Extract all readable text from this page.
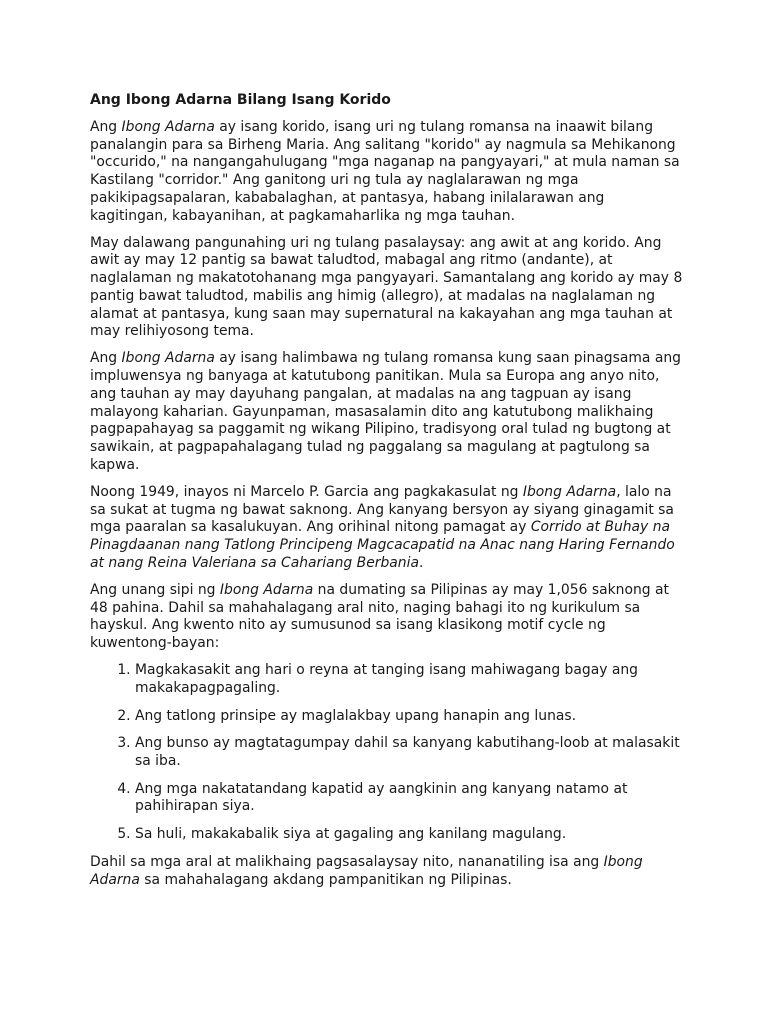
Ang Ibong Adarna Bilang Isang Korido

Ang Ibong Adarna ay isang korido, isang uri ng tulang romansa na inaawit bilang panalangin para sa Birheng Maria. Ang salitang "korido" ay nagmula sa Mehikanong "occurido," na nangangahulugang "mga naganap na pangyayari," at mula naman sa Kastilang "corridor." Ang ganitong uri ng tula ay naglalarawan ng mga pakikipagsapalaran, kababalaghan, at pantasya, habang inilalarawan ang kagitingan, kabayanihan, at pagkamaharlika ng mga tauhan.

May dalawang pangunahing uri ng tulang pasalaysay: ang awit at ang korido. Ang awit ay may 12 pantig sa bawat taludtod, mabagal ang ritmo (andante), at naglalaman ng makatotohanang mga pangyayari. Samantalang ang korido ay may 8 pantig bawat taludtod, mabilis ang himig (allegro), at madalas na naglalaman ng alamat at pantasya, kung saan may supernatural na kakayahan ang mga tauhan at may relihiyosong tema.

Ang Ibong Adarna ay isang halimbawa ng tulang romansa kung saan pinagsama ang impluwensya ng banyaga at katutubong panitikan. Mula sa Europa ang anyo nito, ang tauhan ay may dayuhang pangalan, at madalas na ang tagpuan ay isang malayong kaharian. Gayunpaman, masasalamin dito ang katutubong malikhaing pagpapahayag sa paggamit ng wikang Pilipino, tradisyong oral tulad ng bugtong at sawikain, at pagpapahalagang tulad ng paggalang sa magulang at pagtulong sa kapwa.

Noong 1949, inayos ni Marcelo P. Garcia ang pagkakasulat ng Ibong Adarna, lalo na sa sukat at tugma ng bawat saknong. Ang kanyang bersyon ay siyang ginagamit sa mga paaralan sa kasalukuyan. Ang orihinal nitong pamagat ay Corrido at Buhay na Pinagdaanan nang Tatlong Principeng Magcacapatid na Anac nang Haring Fernando at nang Reina Valeriana sa Cahariang Berbania.

Ang unang sipi ng Ibong Adarna na dumating sa Pilipinas ay may 1,056 saknong at 48 pahina. Dahil sa mahahalagang aral nito, naging bahagi ito ng kurikulum sa hayskul. Ang kwento nito ay sumusunod sa isang klasikong motif cycle ng kuwentong-bayan:

1. Magkakasakit ang hari o reyna at tanging isang mahiwagang bagay ang makakapagpagaling.
2. Ang tatlong prinsipe ay maglalakbay upang hanapin ang lunas.
3. Ang bunso ay magtatagumpay dahil sa kanyang kabutihang-loob at malasakit sa iba.
4. Ang mga nakatatandang kapatid ay aangkinin ang kanyang natamo at pahihirapan siya.
5. Sa huli, makakabalik siya at gagaling ang kanilang magulang.

Dahil sa mga aral at malikhaing pagsasalaysay nito, nananatiling isa ang Ibong Adarna sa mahahalagang akdang pampanitikan ng Pilipinas.
